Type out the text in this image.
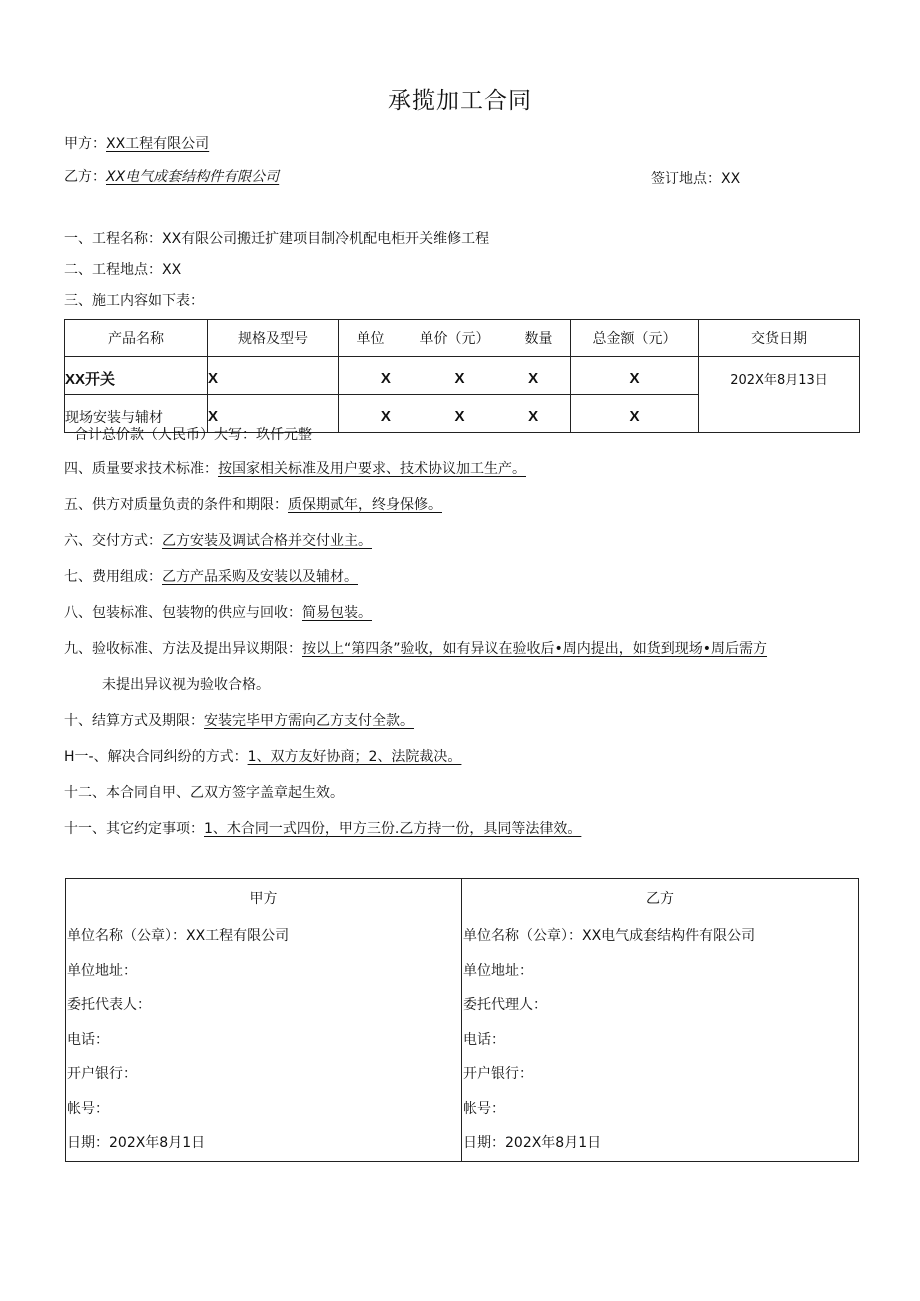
承揽加工合同
甲方：XX工程有限公司
乙方：XX电气成套结构件有限公司	签订地点：XX
一、工程名称：XX有限公司搬迁扩建项目制冷机配电柜开关维修工程
二、工程地点：XX
三、施工内容如下表：
产品名称	规格及型号	单位 单价（元） 数量	总金额（元）	交货日期
XX开关	X	X X X	X	202X年8月13日
现场安装与辅材	X	X X X	X	
合计总价款（人民币）大写：玖仟元整
四、质量要求技术标准：按国家相关标准及用户要求、技术协议加工生产。
五、供方对质量负责的条件和期限：质保期贰年，终身保修。
六、交付方式：乙方安装及调试合格并交付业主。
七、费用组成：乙方产品采购及安装以及辅材。
八、包装标准、包装物的供应与回收：简易包装。
九、验收标准、方法及提出异议期限：按以上“第四条”验收，如有异议在验收后•周内提出，如货到现场•周后需方
未提出异议视为验收合格。
十、结算方式及期限：安装完毕甲方需向乙方支付全款。
H一-、解决合同纠纷的方式：1、双方友好协商；2、法院裁决。
十二、本合同自甲、乙双方签字盖章起生效。
十一、其它约定事项：1、木合同一式四份，甲方三份.乙方持一份，具同等法律效。
甲方
单位名称（公章）：XX工程有限公司
单位地址：
委托代表人：
电话：
开户银行：
帐号：
日期：202X年8月1日

乙方
单位名称（公章）：XX电气成套结构件有限公司
单位地址：
委托代理人：
电话：
开户银行：
帐号：
日期：202X年8月1日
